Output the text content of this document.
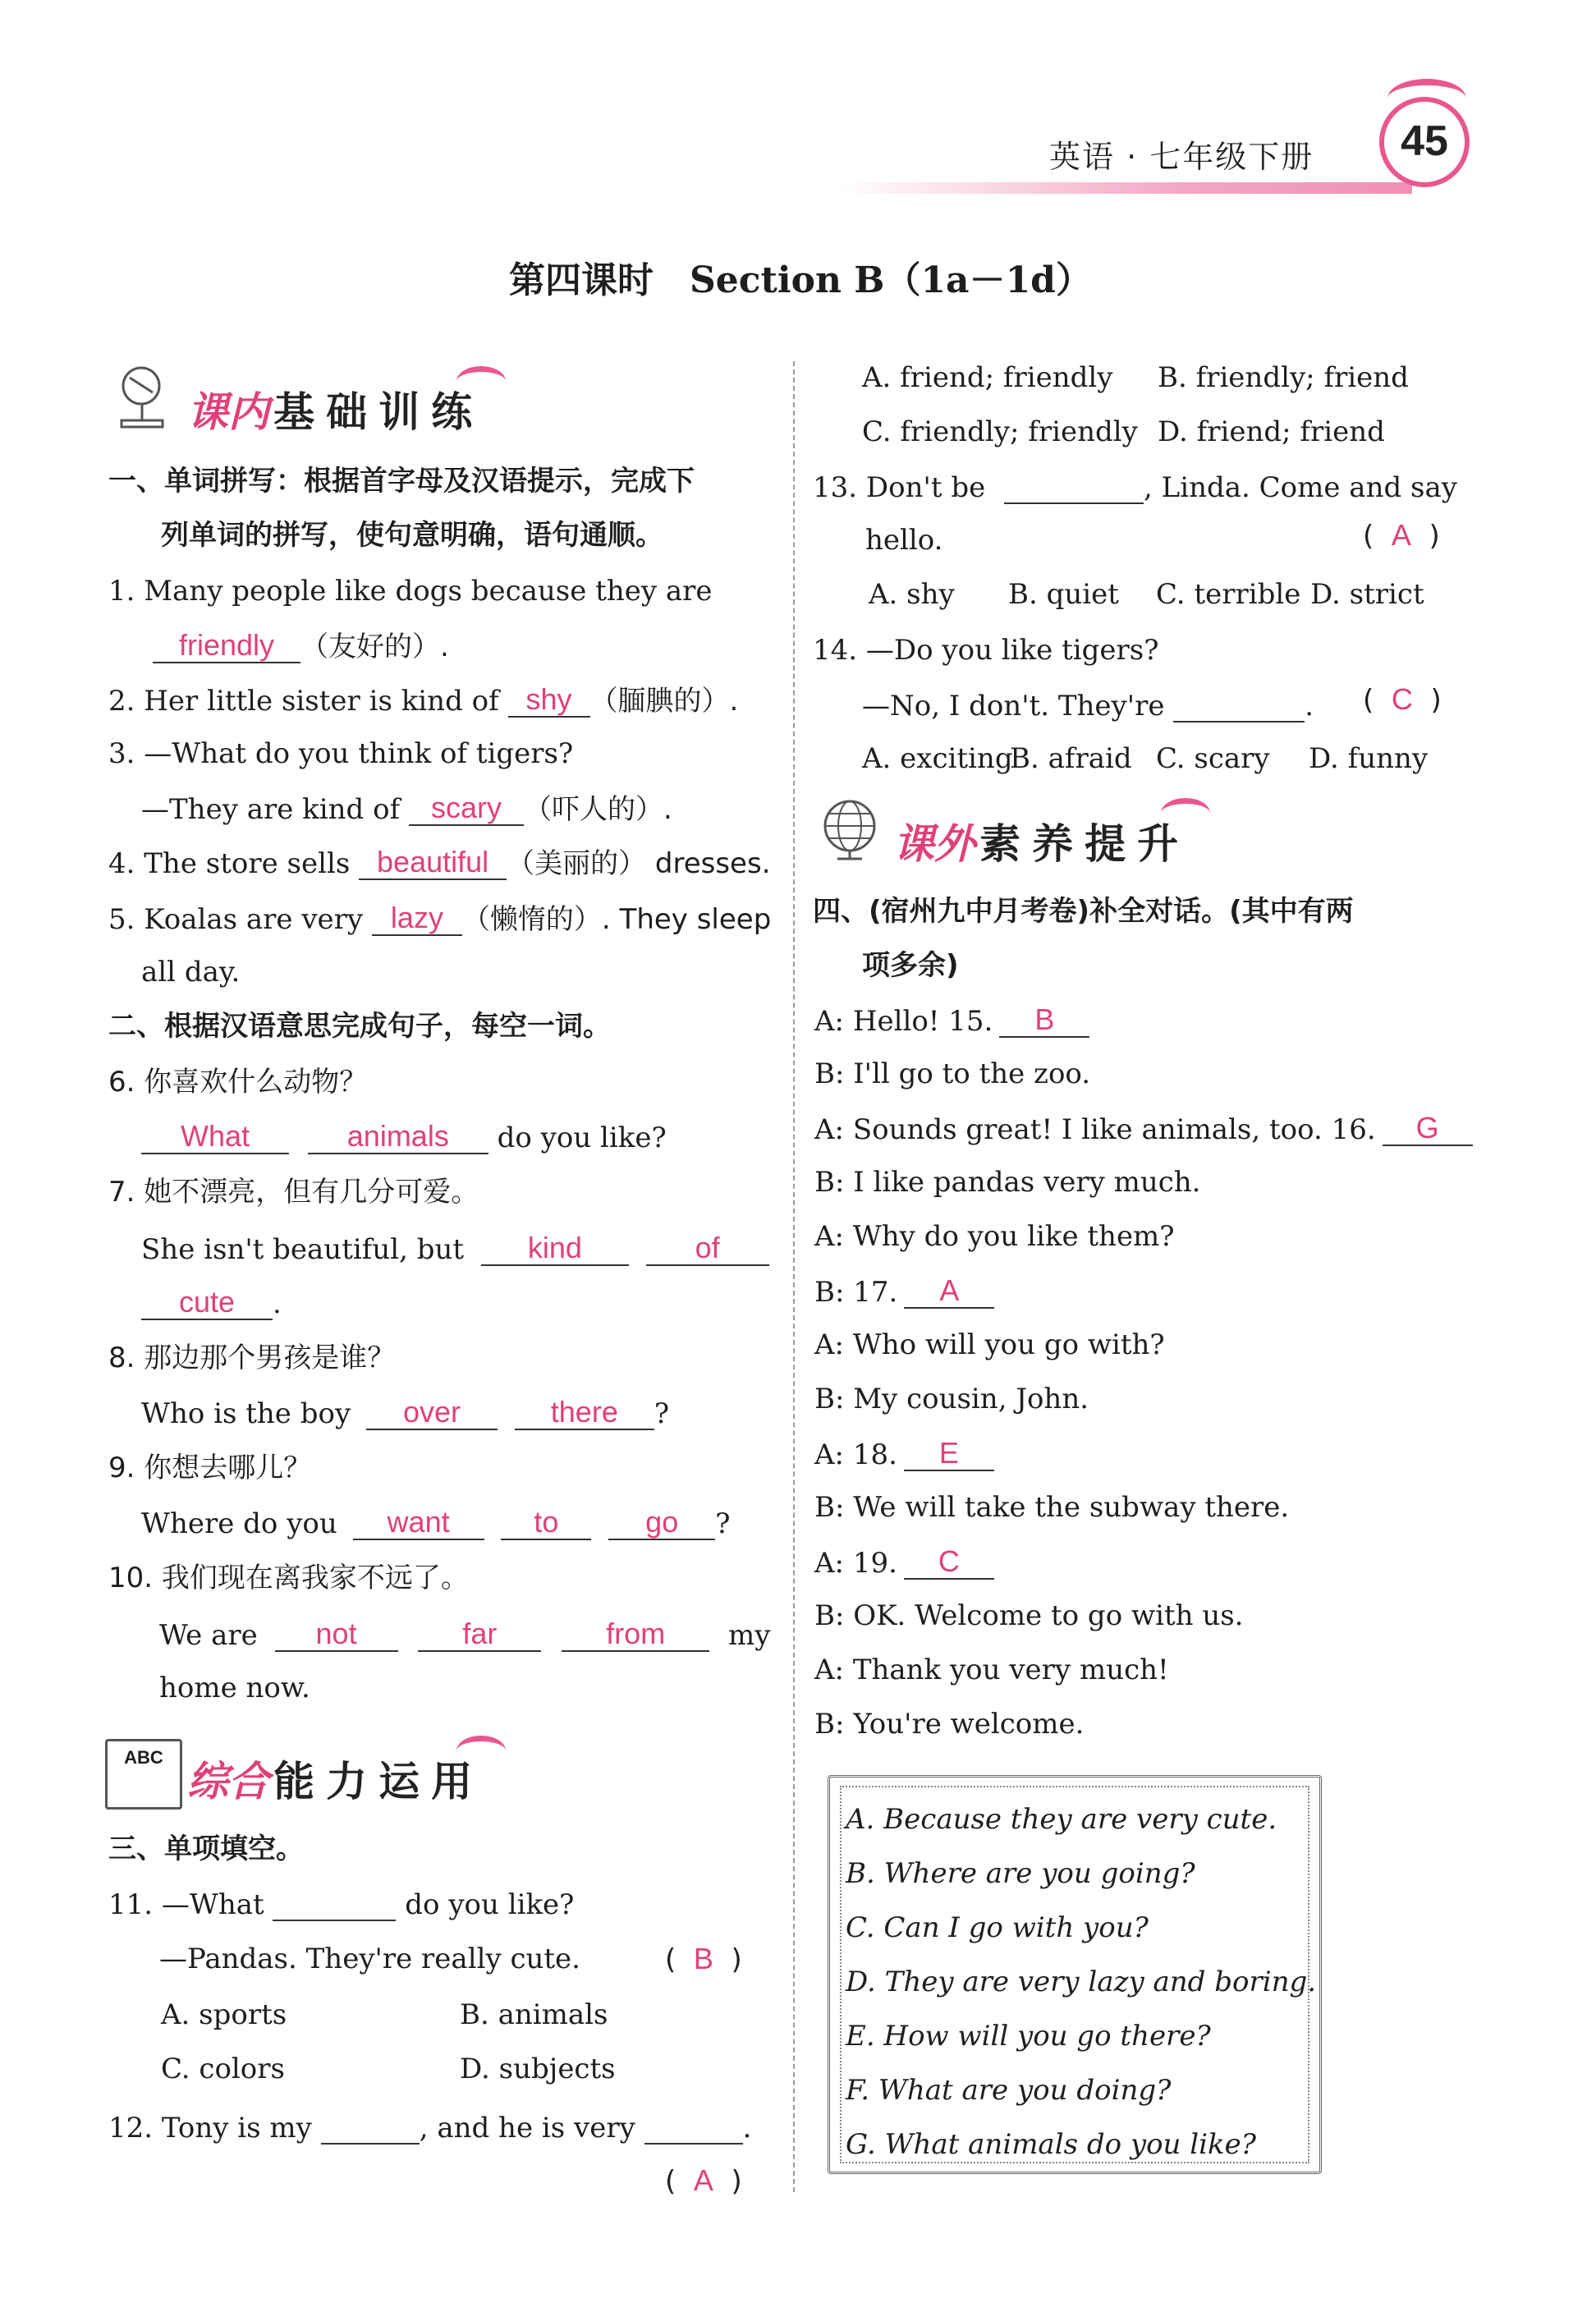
英语 · 七年级下册	45
第四课时　Section B（1a－1d）
课内 基础训练
一、单词拼写：根据首字母及汉语提示，完成下
列单词的拼写，使句意明确，语句通顺。
1. Many people like dogs because they are
friendly （友好的）.
2. Her little sister is kind of shy （腼腆的）.
3. —What do you think of tigers?
—They are kind of scary （吓人的）.
4. The store sells beautiful （美丽的） dresses.
5. Koalas are very lazy （懒惰的）. They sleep
all day.
二、根据汉语意思完成句子，每空一词。
6. 你喜欢什么动物？
What	animals do you like?
7. 她不漂亮，但有几分可爱。
She isn't beautiful, but kind	of
cute .
8. 那边那个男孩是谁？
Who is the boy over	there ?
9. 你想去哪儿？
Where do you want	to	go ?
10. 我们现在离我家不远了。
We are not	far	from my
home now.
ABC
综合 能力运用
三、单项填空。
11. —What	do you like?
—Pandas. They're really cute.	(  B  )
A. sports	B. animals
C. colors	D. subjects
12. Tony is my	, and he is very	.
(  A  )
A. friend; friendly B. friendly; friend
C. friendly; friendly D. friend; friend
13. Don't be	, Linda. Come and say
hello.	(  A  )
A. shy B. quiet C. terrible D. strict
14. —Do you like tigers?
—No, I don't. They're	. (  C  )
A. exciting
B. afraid C. scary D. funny
课外 素养提升
四、(宿州九中月考卷)补全对话。(其中有两
项多余)
A: Hello! 15. B
B: I'll go to the zoo.
A: Sounds great! I like animals, too. 16. G
B: I like pandas very much.
A: Why do you like them?
B: 17. A
A: Who will you go with?
B: My cousin, John.
A: 18. E
B: We will take the subway there.
A: 19. C
B: OK. Welcome to go with us.
A: Thank you very much!
B: You're welcome.
A. Because they are very cute.
B. Where are you going?
C. Can I go with you?
D. They are very lazy and boring.
E. How will you go there?
F. What are you doing?
G. What animals do you like?
